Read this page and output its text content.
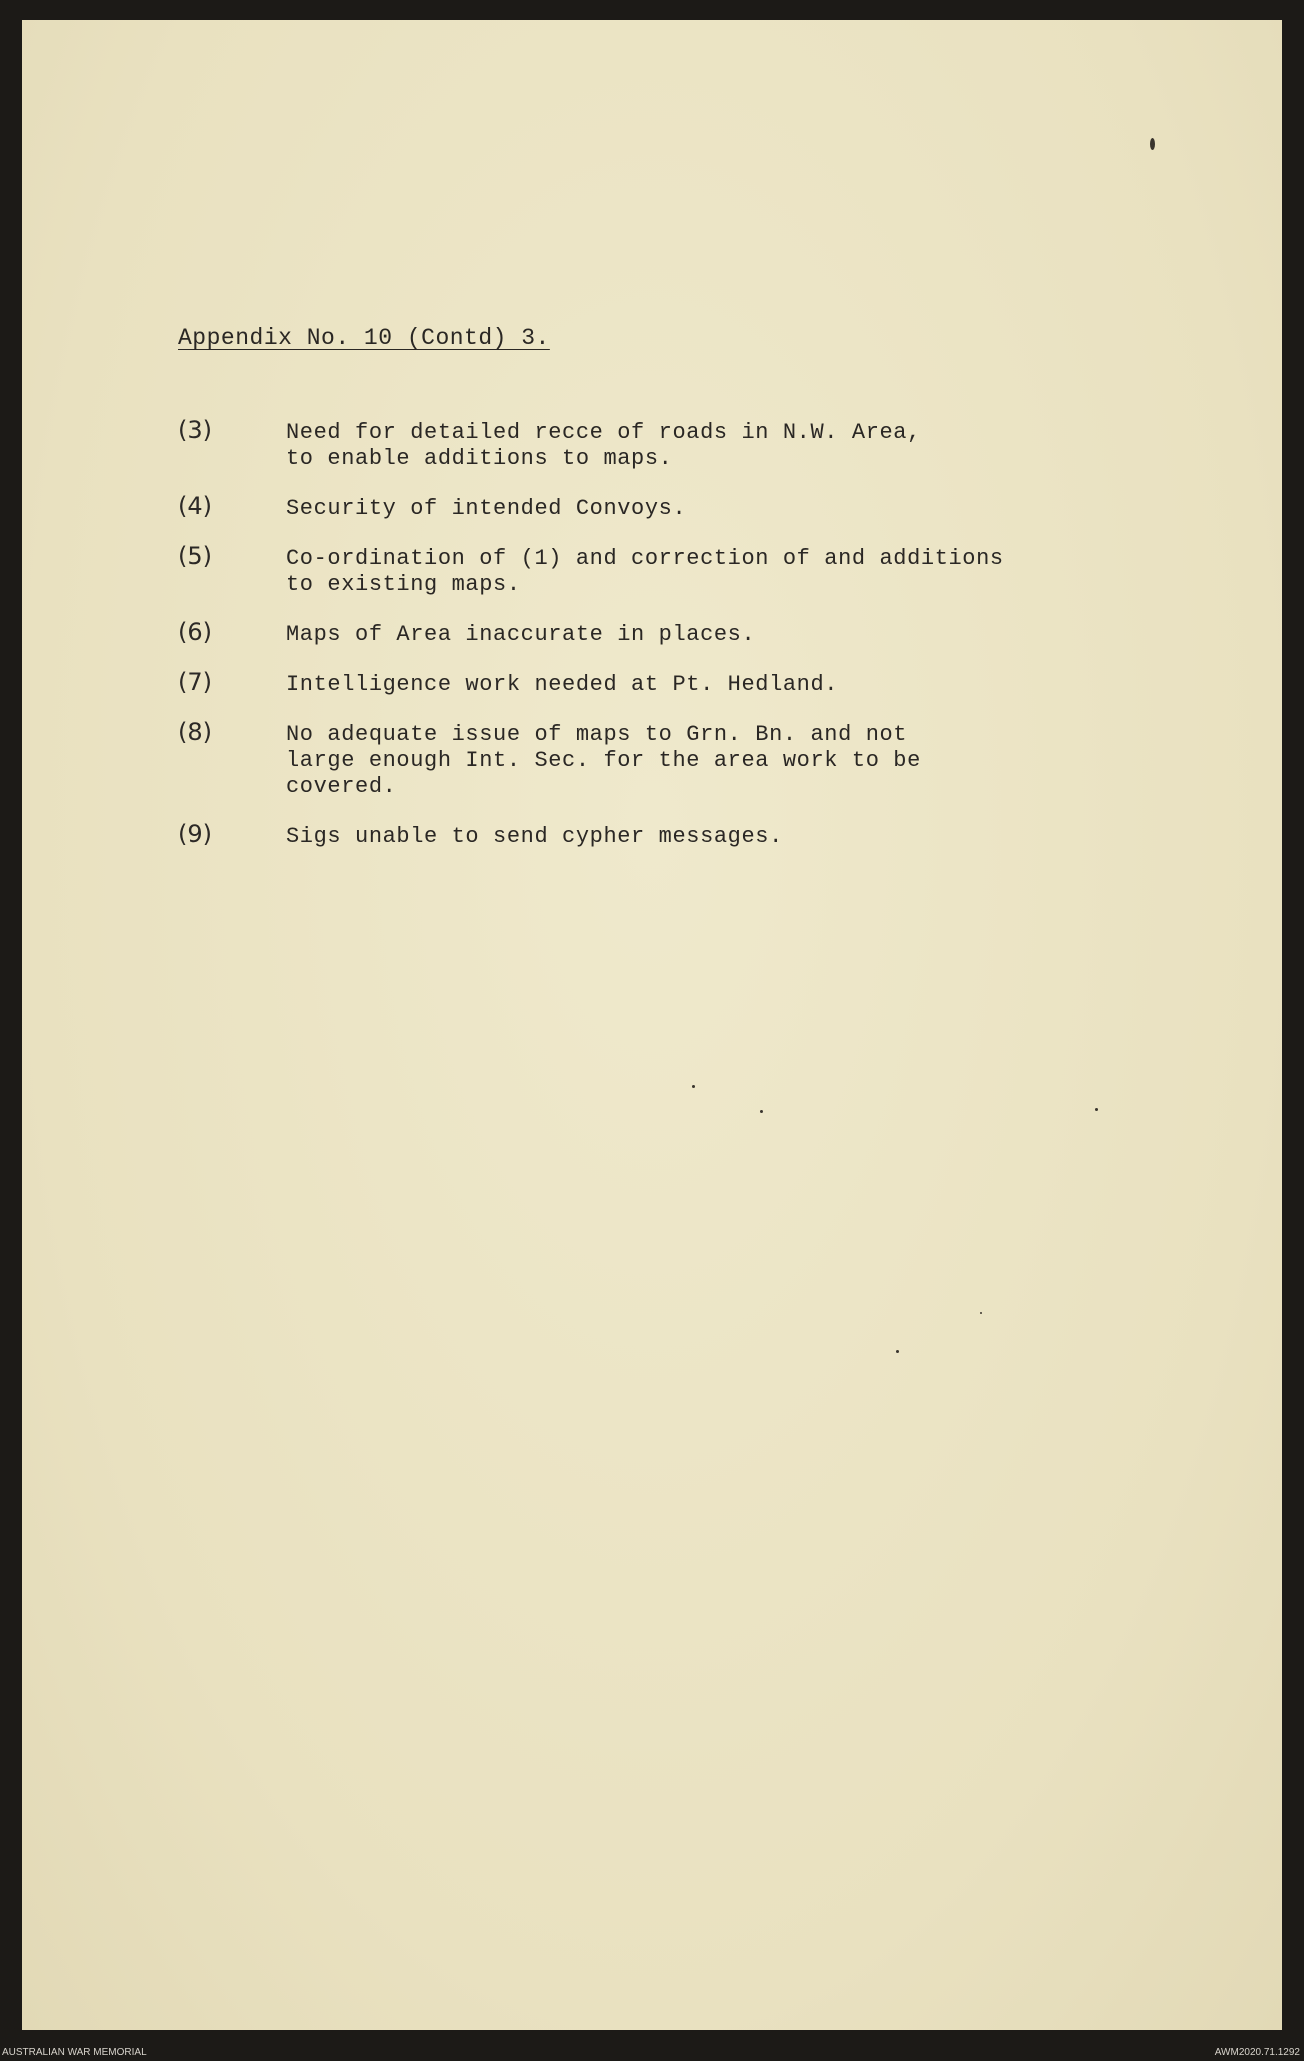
Appendix No. 10 (Contd) 3.
(3)	Need for detailed recce of roads in N.W. Area,
to enable additions to maps.
(4)	Security of intended Convoys.
(5)	Co-ordination of (1) and correction of and additions
to existing maps.
(6)	Maps of Area inaccurate in places.
(7)	Intelligence work needed at Pt. Hedland.
(8)	No adequate issue of maps to Grn. Bn. and not
large enough Int. Sec. for the area work to be
covered.
(9)	Sigs unable to send cypher messages.
AUSTRALIAN WAR MEMORIAL	AWM2020.71.1292
